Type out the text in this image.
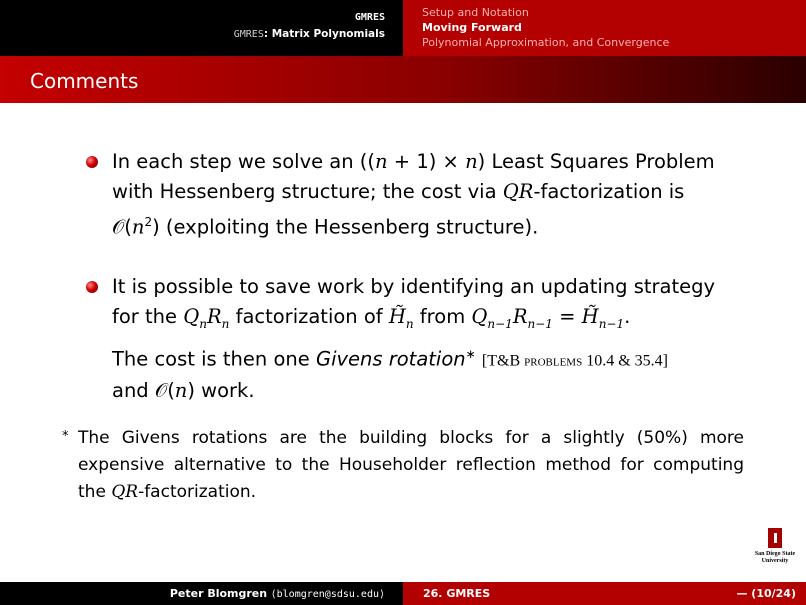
GMRES
GMRES: Matrix Polynomials
Setup and Notation
Moving Forward
Polynomial Approximation, and Convergence
Comments
In each step we solve an ((n + 1) × n) Least Squares Problem
with Hessenberg structure; the cost via QR-factorization is
$𝒪(n^2)$ (exploiting the Hessenberg structure).
It is possible to save work by identifying an updating strategy
for the $Q_nR_n$ factorization of $H̃_n$ from $Q_{n-1}R_{n-1}$ = $H̃_{n-1}$.
The cost is then one Givens rotation∗ [T&B problems 10.4 & 35.4]
and 𝒪(n) work.
* The Givens rotations are the building blocks for a slightly (50%) more expensive alternative to the Householder reflection method for computing the QR-factorization.
San Diego State
University
Peter Blomgren ⟨blomgren@sdsu.edu⟩	26. GMRES	— (10/24)
